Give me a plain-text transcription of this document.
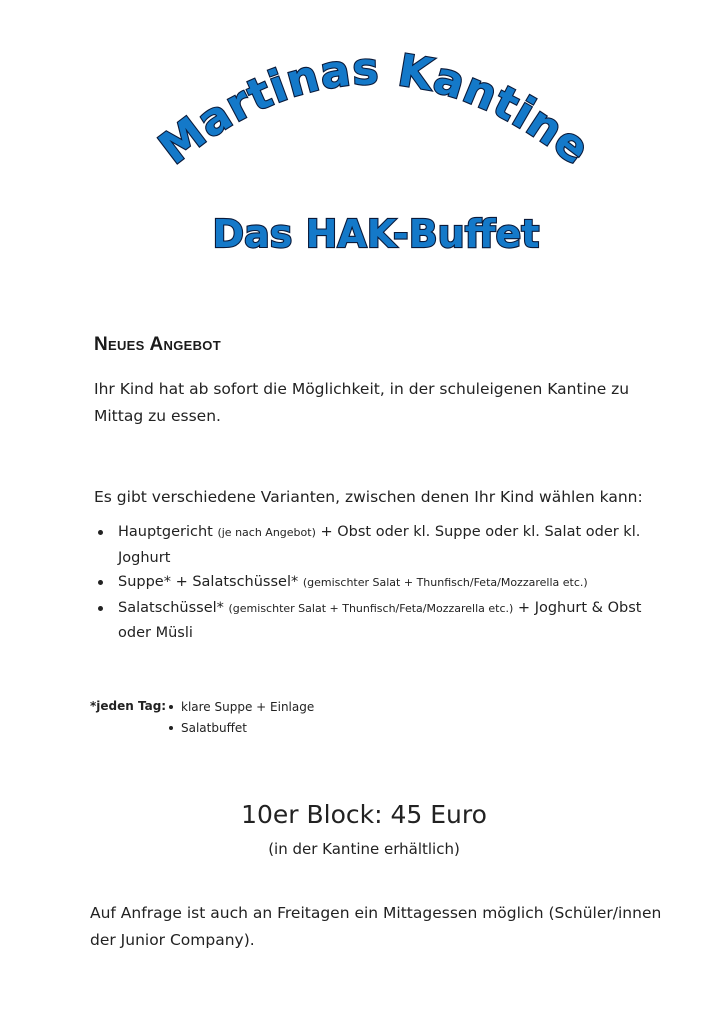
Martinas Kantine
Das HAK-Buffet
Neues Angebot
Ihr Kind hat ab sofort die Möglichkeit, in der schuleigenen Kantine zu Mittag zu essen.
Es gibt verschiedene Varianten, zwischen denen Ihr Kind wählen kann:
Hauptgericht (je nach Angebot) + Obst oder kl. Suppe oder kl. Salat oder kl. Joghurt
Suppe* + Salatschüssel* (gemischter Salat + Thunfisch/Feta/Mozzarella etc.)
Salatschüssel* (gemischter Salat + Thunfisch/Feta/Mozzarella etc.) + Joghurt & Obst oder Müsli
*jeden Tag:	klare Suppe + Einlage
Salatbuffet
10er Block: 45 Euro
(in der Kantine erhältlich)
Auf Anfrage ist auch an Freitagen ein Mittagessen möglich (Schüler/innen der Junior Company).
